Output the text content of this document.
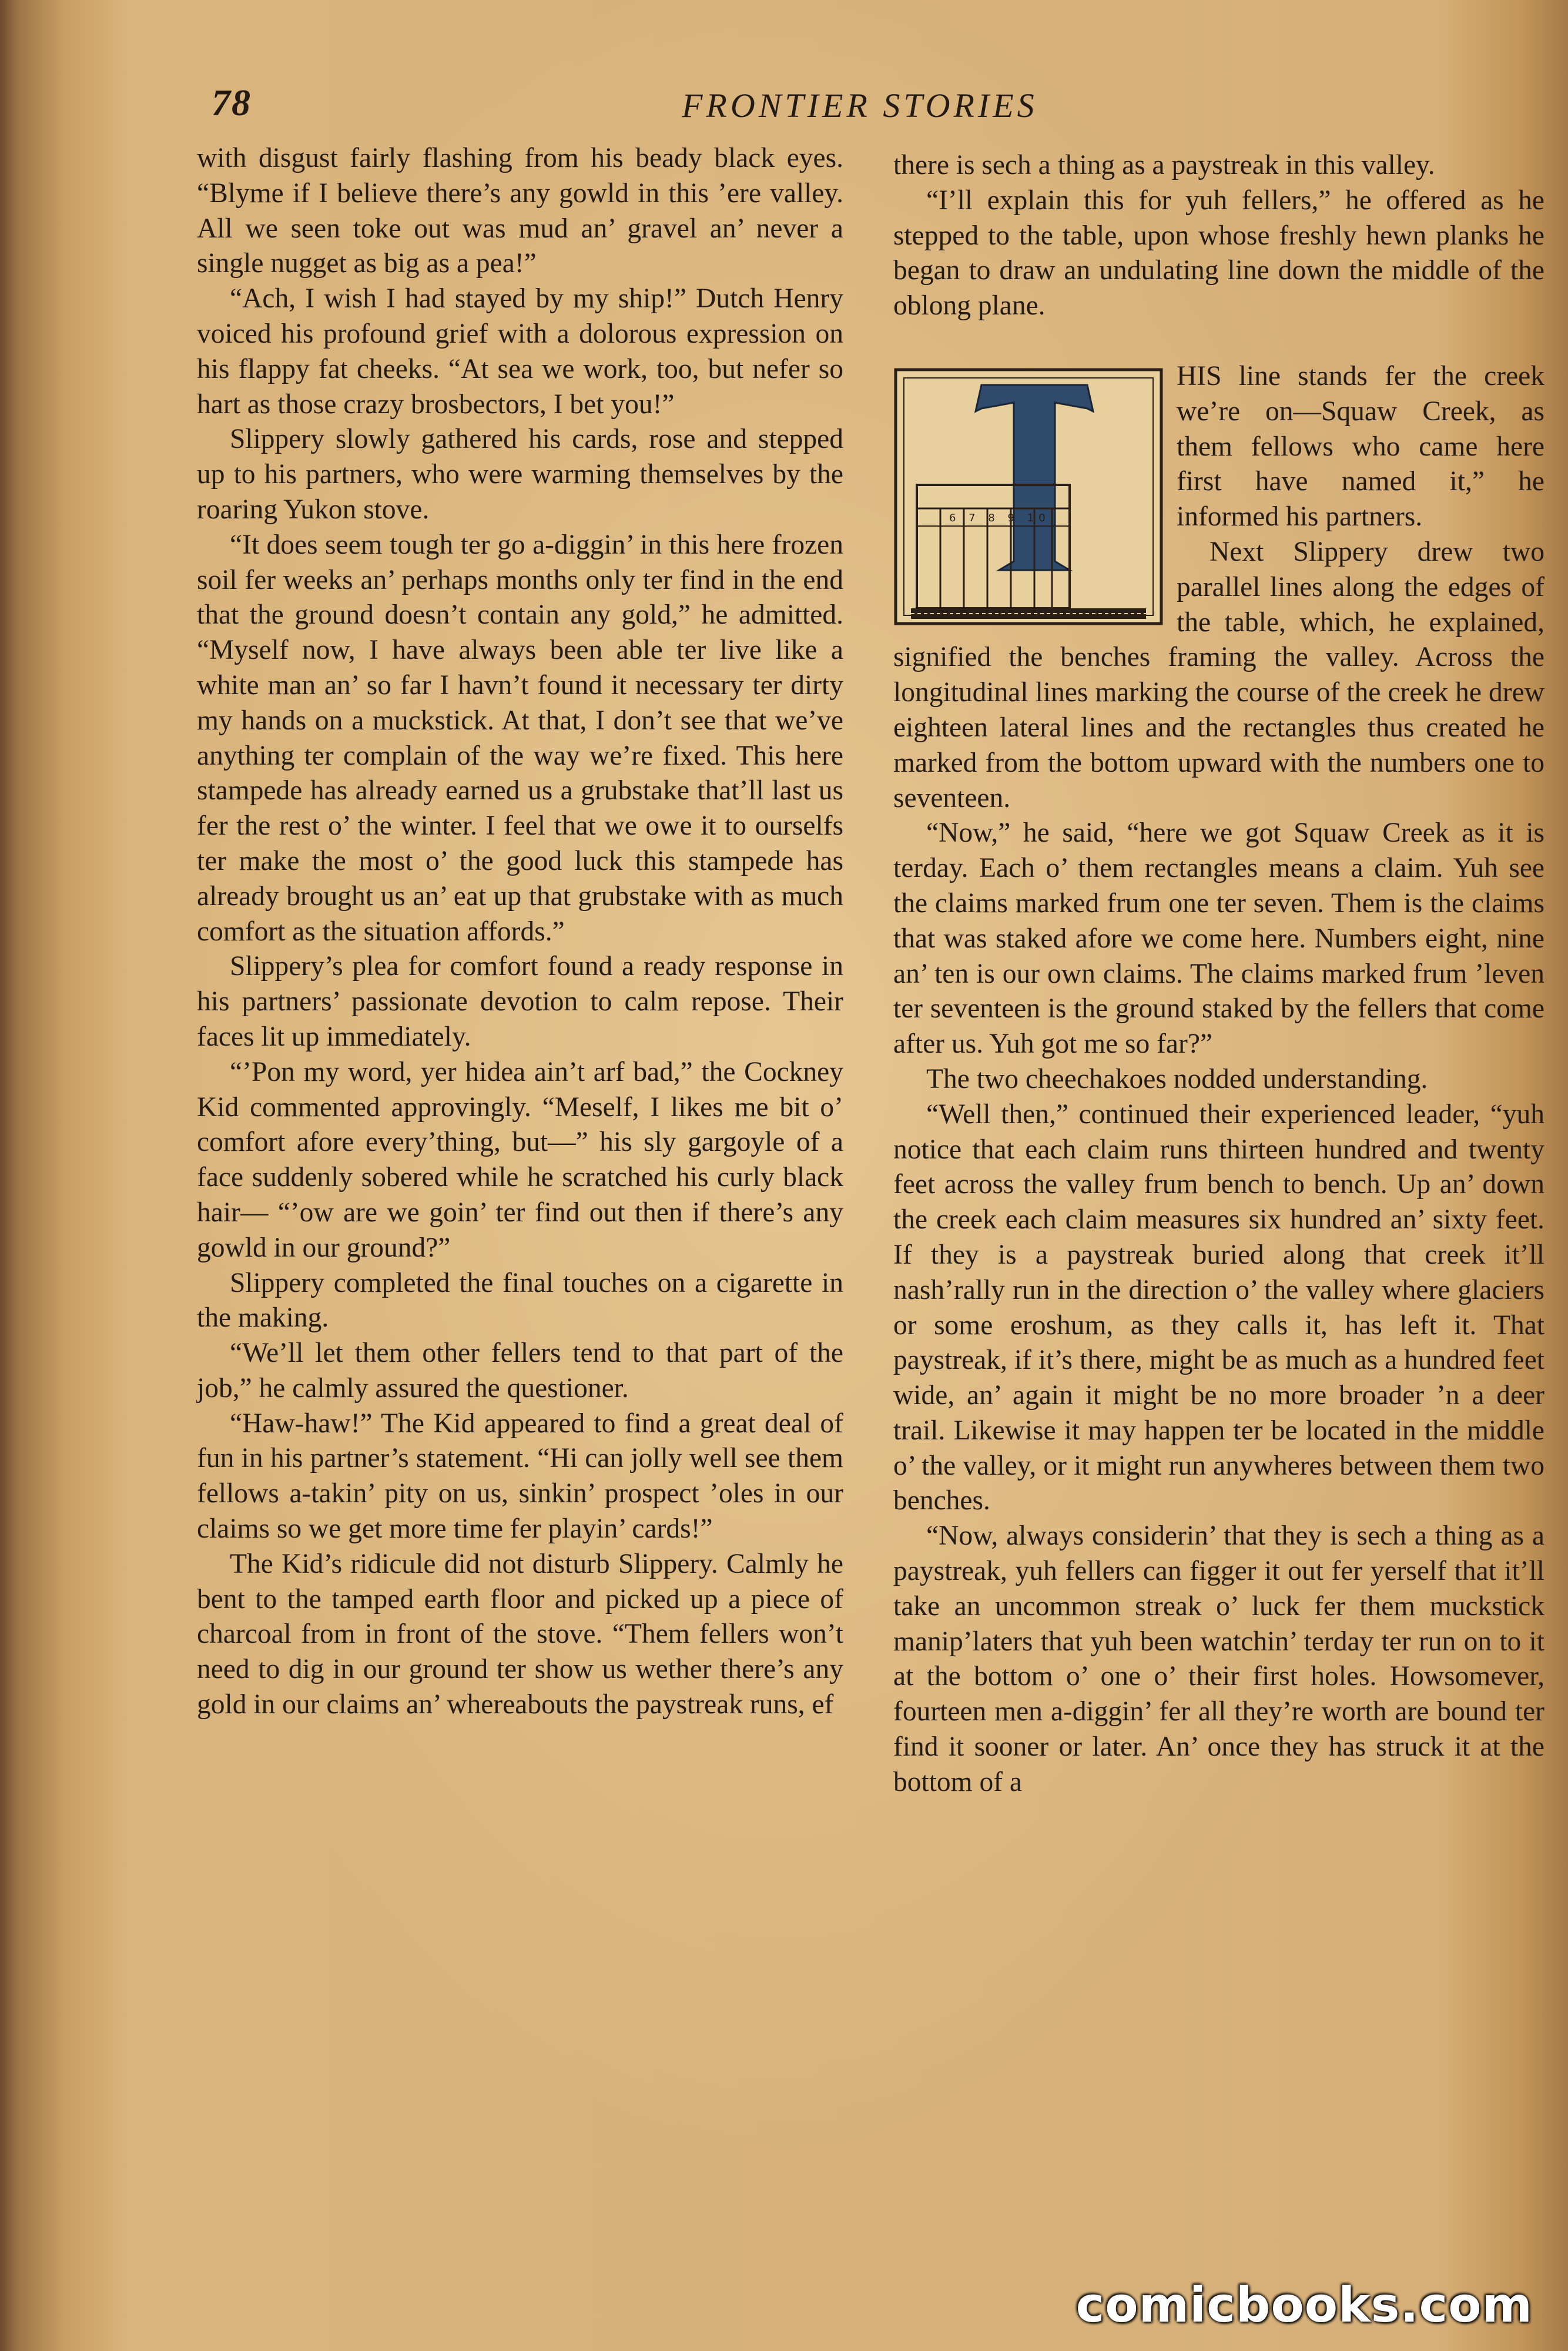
78	FRONTIER STORIES

with disgust fairly flashing from his beady black eyes. “Blyme if I believe there’s any gowld in this ’ere valley. All we seen toke out was mud an’ gravel an’ never a single nugget as big as a pea!”

“Ach, I wish I had stayed by my ship!” Dutch Henry voiced his profound grief with a dolorous expression on his flappy fat cheeks. “At sea we work, too, but nefer so hart as those crazy brosbectors, I bet you!”

Slippery slowly gathered his cards, rose and stepped up to his partners, who were warming themselves by the roaring Yukon stove.

“It does seem tough ter go a-diggin’ in this here frozen soil fer weeks an’ perhaps months only ter find in the end that the ground doesn’t contain any gold,” he admitted. “Myself now, I have always been able ter live like a white man an’ so far I havn’t found it necessary ter dirty my hands on a muckstick. At that, I don’t see that we’ve anything ter complain of the way we’re fixed. This here stampede has already earned us a grubstake that’ll last us fer the rest o’ the winter. I feel that we owe it to ourselfs ter make the most o’ the good luck this stampede has already brought us an’ eat up that grubstake with as much comfort as the situation affords.”

Slippery’s plea for comfort found a ready response in his partners’ passionate devotion to calm repose. Their faces lit up immediately.

“’Pon my word, yer hidea ain’t arf bad,” the Cockney Kid commented approvingly. “Meself, I likes me bit o’ comfort afore every’thing, but—” his sly gargoyle of a face suddenly sobered while he scratched his curly black hair— “’ow are we goin’ ter find out then if there’s any gowld in our ground?”

Slippery completed the final touches on a cigarette in the making.

“We’ll let them other fellers tend to that part of the job,” he calmly assured the questioner.

“Haw-haw!” The Kid appeared to find a great deal of fun in his partner’s statement. “Hi can jolly well see them fellows a-takin’ pity on us, sinkin’ prospect ’oles in our claims so we get more time fer playin’ cards!”

The Kid’s ridicule did not disturb Slippery. Calmly he bent to the tamped earth floor and picked up a piece of charcoal from in front of the stove. “Them fellers won’t need to dig in our ground ter show us wether there’s any gold in our claims an’ whereabouts the paystreak runs, ef

there is sech a thing as a paystreak in this valley.

“I’ll explain this for yuh fellers,” he offered as he stepped to the table, upon whose freshly hewn planks he began to draw an undulating line down the middle of the oblong plane.

T
6 7 8 9 10

HIS line stands fer the creek we’re on—Squaw Creek, as them fellows who came here first have named it,” he informed his partners.

Next Slippery drew two parallel lines along the edges of the table, which, he explained, signified the benches framing the valley. Across the longitudinal lines marking the course of the creek he drew eighteen lateral lines and the rectangles thus created he marked from the bottom upward with the numbers one to seventeen.

“Now,” he said, “here we got Squaw Creek as it is terday. Each o’ them rectangles means a claim. Yuh see the claims marked frum one ter seven. Them is the claims that was staked afore we come here. Numbers eight, nine an’ ten is our own claims. The claims marked frum ’leven ter seventeen is the ground staked by the fellers that come after us. Yuh got me so far?”

The two cheechakoes nodded understanding.

“Well then,” continued their experienced leader, “yuh notice that each claim runs thirteen hundred and twenty feet across the valley frum bench to bench. Up an’ down the creek each claim measures six hundred an’ sixty feet. If they is a paystreak buried along that creek it’ll nash’rally run in the direction o’ the valley where glaciers or some eroshum, as they calls it, has left it. That paystreak, if it’s there, might be as much as a hundred feet wide, an’ again it might be no more broader ’n a deer trail. Likewise it may happen ter be located in the middle o’ the valley, or it might run anywheres between them two benches.

“Now, always considerin’ that they is sech a thing as a paystreak, yuh fellers can figger it out fer yerself that it’ll take an uncommon streak o’ luck fer them muckstick manip’laters that yuh been watchin’ terday ter run on to it at the bottom o’ one o’ their first holes. Howsomever, fourteen men a-diggin’ fer all they’re worth are bound ter find it sooner or later. An’ once they has struck it at the bottom of a

comicbooks.com
